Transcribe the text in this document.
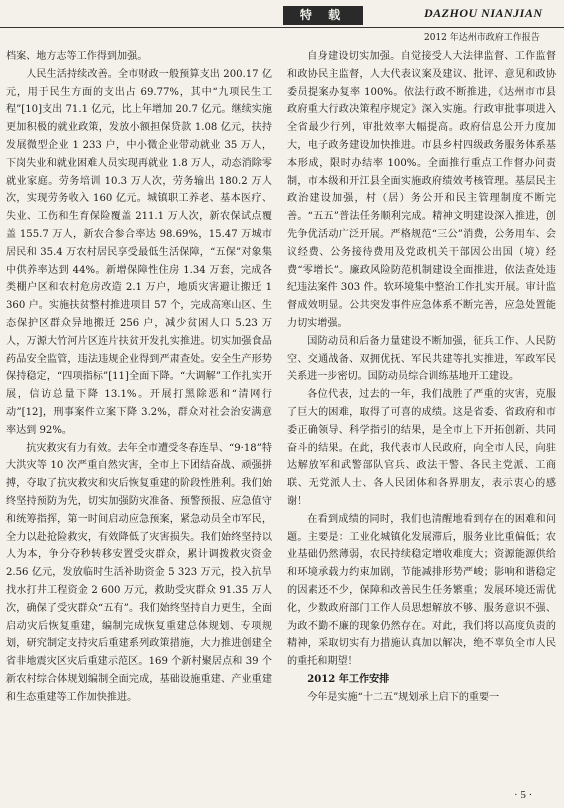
特 载	DAZHOU NIANJIAN
2012 年达州市政府工作报告

档案、地方志等工作得到加强。

人民生活持续改善。全市财政一般预算支出 200.17 亿元，用于民生方面的支出占 69.77%，其中“九项民生工程”[10]支出 71.1 亿元，比上年增加 20.7 亿元。继续实施更加积极的就业政策，发放小额担保贷款 1.08 亿元，扶持发展微型企业 1 233 户，中小微企业带动就业 35 万人，下岗失业和就业困难人员实现再就业 1.8 万人，动态消除零就业家庭。劳务培训 10.3 万人次，劳务输出 180.2 万人次，实现劳务收入 160 亿元。城镇职工养老、基本医疗、失业、工伤和生育保险覆盖 211.1 万人次，新农保试点覆盖 155.7 万人，新农合参合率达 98.69%，15.47 万城市居民和 35.4 万农村居民享受最低生活保障，“五保”对象集中供养率达到 44%。新增保障性住房 1.34 万套，完成各类棚户区和农村危房改造 2.1 万户，地质灾害避让搬迁 1 360 户。实施扶贫整村推进项目 57 个，完成高寒山区、生态保护区群众异地搬迁 256 户，减少贫困人口 5.23 万人，万源大竹河片区连片扶贫开发扎实推进。切实加强食品药品安全监管，违法违规企业得到严肃查处。安全生产形势保持稳定，“四项指标”[11]全面下降。“大调解”工作扎实开展，信访总量下降 13.1%。开展打黑除恶和“清网行动”[12]，刑事案件立案下降 3.2%，群众对社会治安满意率达到 92%。

抗灾救灾有力有效。去年全市遭受冬春连旱、“9·18”特大洪灾等 10 次严重自然灾害，全市上下团结奋战、顽强拼搏，夺取了抗灾救灾和灾后恢复重建的阶段性胜利。我们始终坚持预防为先，切实加强防灾准备、预警预报、应急值守和统筹指挥，第一时间启动应急预案，紧急动员全市军民，全力以赴抢险救灾，有效降低了灾害损失。我们始终坚持以人为本，争分夺秒转移安置受灾群众，累计调拨救灾资金 2.56 亿元，发放临时生活补助资金 5 323 万元，投入抗旱找水打井工程资金 2 600 万元，救助受灾群众 91.35 万人次，确保了受灾群众“五有”。我们始终坚持自力更生，全面启动灾后恢复重建，编制完成恢复重建总体规划、专项规划，研究制定支持灾后重建系列政策措施，大力推进创建全省非地震灾区灾后重建示范区。169 个新村聚居点和 39 个新农村综合体规划编制全面完成，基础设施重建、产业重建和生态重建等工作加快推进。

自身建设切实加强。自觉接受人大法律监督、工作监督和政协民主监督，人大代表议案及建议、批评、意见和政协委员提案办复率 100%。依法行政不断推进，《达州市市县政府重大行政决策程序规定》深入实施。行政审批事项进入全省最少行列，审批效率大幅提高。政府信息公开力度加大，电子政务建设加快推进。市县乡村四级政务服务体系基本形成，限时办结率 100%。全面推行重点工作督办问责制，市本级和开江县全面实施政府绩效考核管理。基层民主政治建设加强，村（居）务公开和民主管理制度不断完善。“五五”普法任务顺利完成。精神文明建设深入推进，创先争优活动广泛开展。严格规范“三公”消费，公务用车、会议经费、公务接待费用及党政机关干部因公出国（境）经费“零增长”。廉政风险防范机制建设全面推进，依法查处违纪违法案件 303 件。软环境集中整治工作扎实开展。审计监督成效明显。公共突发事件应急体系不断完善，应急处置能力切实增强。

国防动员和后备力量建设不断加强，征兵工作、人民防空、交通战备、双拥优抚、军民共建等扎实推进，军政军民关系进一步密切。国防动员综合训练基地开工建设。

各位代表，过去的一年，我们战胜了严重的灾害，克服了巨大的困难，取得了可喜的成绩。这是省委、省政府和市委正确领导、科学指引的结果，是全市上下开拓创新、共同奋斗的结果。在此，我代表市人民政府，向全市人民，向驻达解放军和武警部队官兵、政法干警、各民主党派、工商联、无党派人士、各人民团体和各界朋友，表示衷心的感谢！

在看到成绩的同时，我们也清醒地看到存在的困难和问题。主要是：工业化城镇化发展滞后，服务业比重偏低；农业基础仍然薄弱，农民持续稳定增收难度大；资源能源供给和环境承载力约束加剧，节能减排形势严峻；影响和谐稳定的因素还不少，保障和改善民生任务繁重；发展环境还需优化，少数政府部门工作人员思想解放不够、服务意识不强、为政不勤不廉的现象仍然存在。对此，我们将以高度负责的精神，采取切实有力措施认真加以解决，绝不辜负全市人民的重托和期望！

2012 年工作安排

今年是实施“十二五”规划承上启下的重要一

· 5 ·
